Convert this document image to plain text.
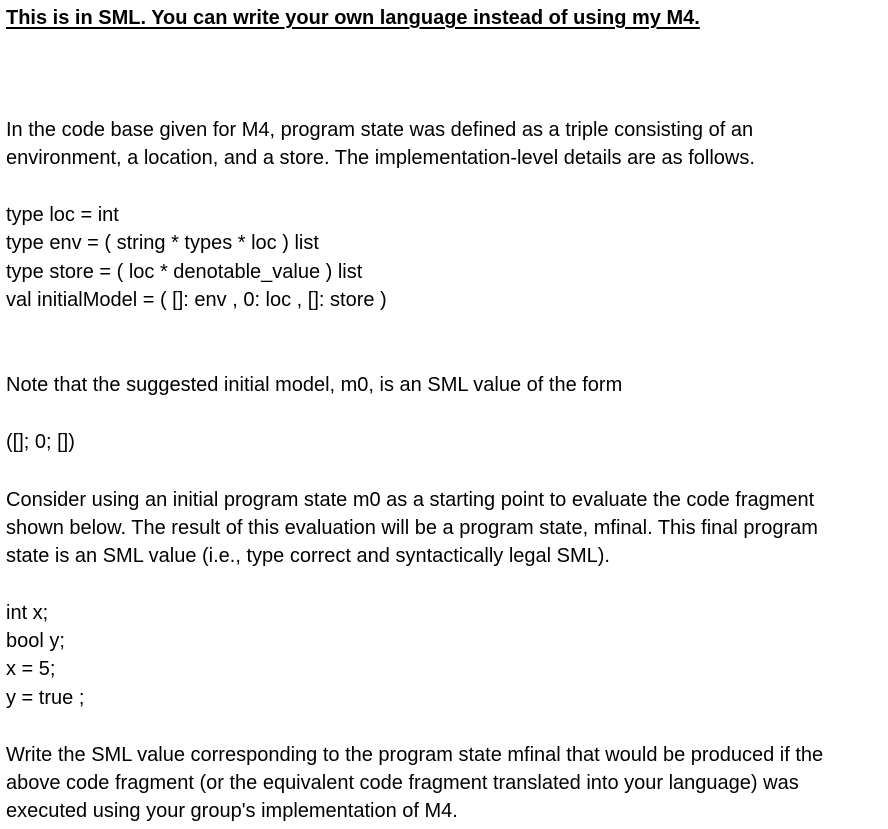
This is in SML. You can write your own language instead of using my M4.
In the code base given for M4, program state was defined as a triple consisting of an
environment, a location, and a store. The implementation-level details are as follows.
type loc = int
type env = ( string * types * loc ) list
type store = ( loc * denotable_value ) list
val initialModel = ( []: env , 0: loc , []: store )
Note that the suggested initial model, m0, is an SML value of the form
([]; 0; [])
Consider using an initial program state m0 as a starting point to evaluate the code fragment
shown below. The result of this evaluation will be a program state, mfinal. This final program
state is an SML value (i.e., type correct and syntactically legal SML).
int x;
bool y;
x = 5;
y = true ;
Write the SML value corresponding to the program state mfinal that would be produced if the
above code fragment (or the equivalent code fragment translated into your language) was
executed using your group's implementation of M4.
